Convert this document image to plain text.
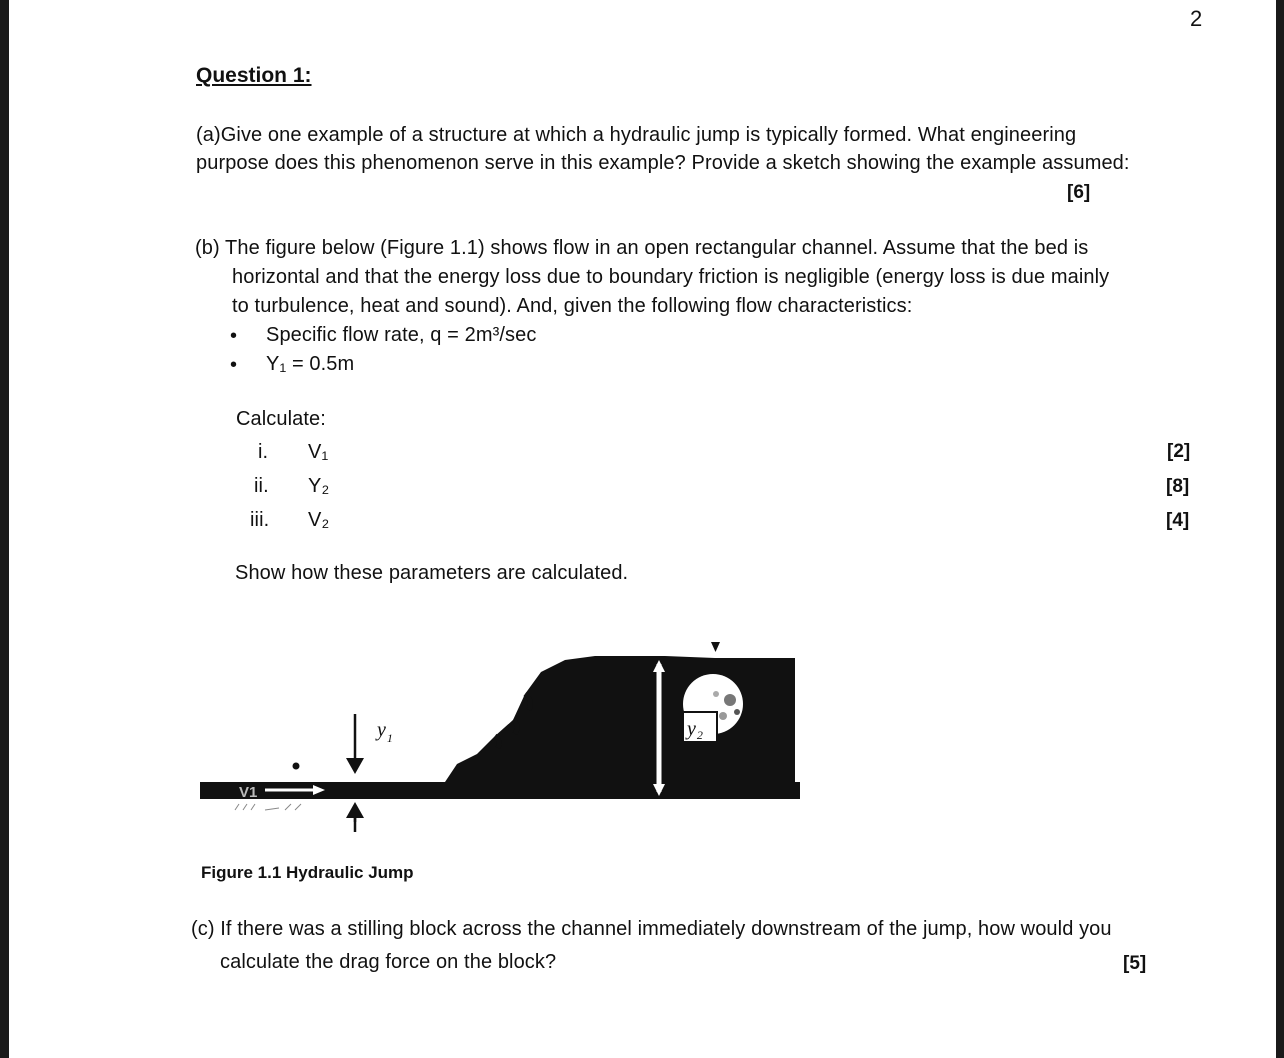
2
Question 1:
(a)Give one example of a structure at which a hydraulic jump is typically formed. What engineering
purpose does this phenomenon serve in this example? Provide a sketch showing the example assumed:
[6]
(b) The figure below (Figure 1.1) shows flow in an open rectangular channel. Assume that the bed is
horizontal and that the energy loss due to boundary friction is negligible (energy loss is due mainly
to turbulence, heat and sound). And, given the following flow characteristics:
• Specific flow rate, q = 2m³/sec
• Y₁ = 0.5m
Calculate:
i. V₁	[2]
ii. Y₂	[8]
iii. V₂	[4]
Show how these parameters are calculated.
V1
$y_1$	$y_2$
Figure 1.1 Hydraulic Jump
(c) If there was a stilling block across the channel immediately downstream of the jump, how would you
calculate the drag force on the block?	[5]
